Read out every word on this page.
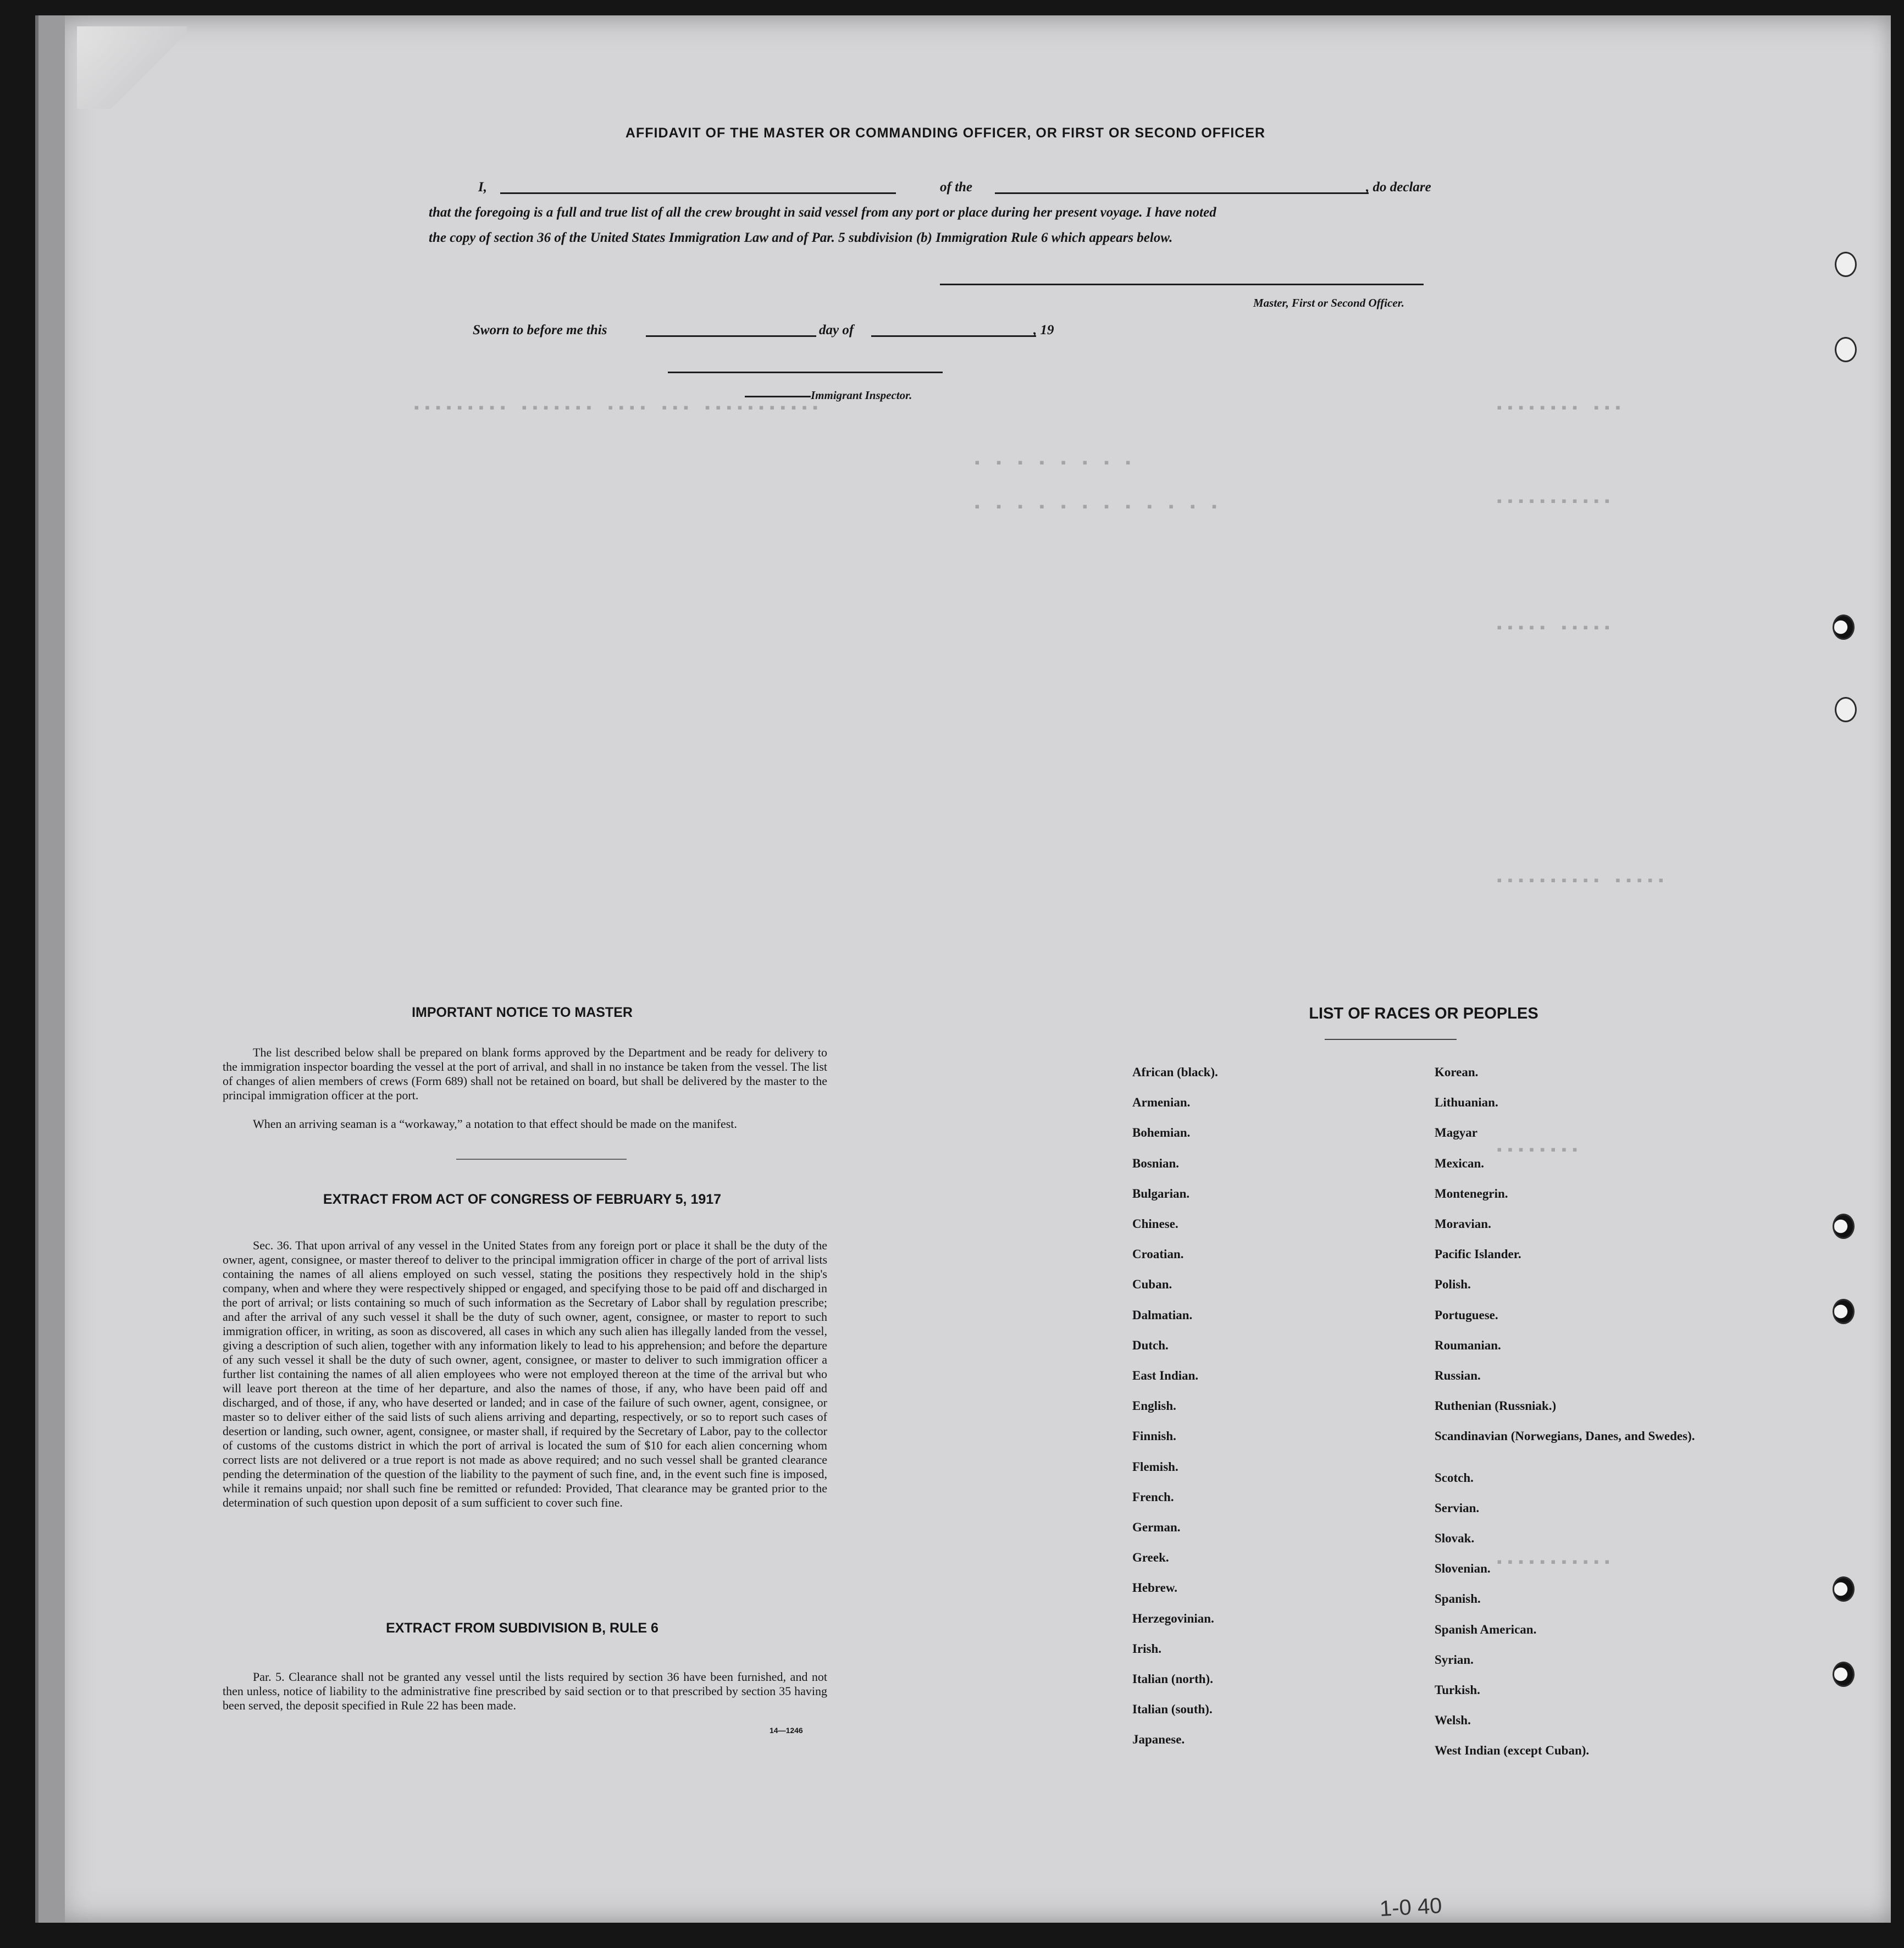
▪▪▪▪▪▪▪▪▪ ▪▪▪▪▪▪▪ ▪▪▪▪ ▪▪▪ ▪▪▪▪▪▪▪▪▪▪▪
▪ ▪ ▪ ▪ ▪ ▪ ▪ ▪
▪ ▪ ▪ ▪ ▪ ▪ ▪ ▪ ▪ ▪ ▪ ▪
▪▪▪▪▪▪▪▪ ▪▪▪
▪▪▪▪▪▪▪▪▪▪▪
▪▪▪▪▪ ▪▪▪▪▪
▪▪▪▪▪▪▪▪▪▪ ▪▪▪▪▪
▪▪▪▪▪▪▪▪
▪▪▪▪▪▪▪▪▪▪▪
AFFIDAVIT OF THE MASTER OR COMMANDING OFFICER, OR FIRST OR SECOND OFFICER
I,	of the	, do declare
that the foregoing is a full and true list of all the crew brought in said vessel from any port or place during her present voyage. I have noted
the copy of section 36 of the United States Immigration Law and of Par. 5 subdivision (b) Immigration Rule 6 which appears below.
Master, First or Second Officer.
Sworn to before me this	day of	, 19
Immigrant Inspector.
IMPORTANT NOTICE TO MASTER
The list described below shall be prepared on blank forms approved by the Department and be ready for delivery to the immigration inspector boarding the vessel at the port of arrival, and shall in no instance be taken from the vessel. The list of changes of alien members of crews (Form 689) shall not be retained on board, but shall be delivered by the master to the principal immigration officer at the port.
When an arriving seaman is a “workaway,” a notation to that effect should be made on the manifest.
EXTRACT FROM ACT OF CONGRESS OF FEBRUARY 5, 1917
Sec. 36. That upon arrival of any vessel in the United States from any foreign port or place it shall be the duty of the owner, agent, consignee, or master thereof to deliver to the principal immigration officer in charge of the port of arrival lists containing the names of all aliens employed on such vessel, stating the positions they respectively hold in the ship's company, when and where they were respectively shipped or engaged, and specifying those to be paid off and discharged in the port of arrival; or lists containing so much of such information as the Secretary of Labor shall by regulation prescribe; and after the arrival of any such vessel it shall be the duty of such owner, agent, consignee, or master to report to such immigration officer, in writing, as soon as discovered, all cases in which any such alien has illegally landed from the vessel, giving a description of such alien, together with any information likely to lead to his apprehension; and before the departure of any such vessel it shall be the duty of such owner, agent, consignee, or master to deliver to such immigration officer a further list containing the names of all alien employees who were not employed thereon at the time of the arrival but who will leave port thereon at the time of her departure, and also the names of those, if any, who have been paid off and discharged, and of those, if any, who have deserted or landed; and in case of the failure of such owner, agent, consignee, or master so to deliver either of the said lists of such aliens arriving and departing, respectively, or so to report such cases of desertion or landing, such owner, agent, consignee, or master shall, if required by the Secretary of Labor, pay to the collector of customs of the customs district in which the port of arrival is located the sum of $10 for each alien concerning whom correct lists are not delivered or a true report is not made as above required; and no such vessel shall be granted clearance pending the determination of the question of the liability to the payment of such fine, and, in the event such fine is imposed, while it remains unpaid; nor shall such fine be remitted or refunded: Provided, That clearance may be granted prior to the determination of such question upon deposit of a sum sufficient to cover such fine.
EXTRACT FROM SUBDIVISION B, RULE 6
Par. 5. Clearance shall not be granted any vessel until the lists required by section 36 have been furnished, and not then unless, notice of liability to the administrative fine prescribed by said section or to that prescribed by section 35 having been served, the deposit specified in Rule 22 has been made.
14—1246
LIST OF RACES OR PEOPLES
African (black).
Armenian.
Bohemian.
Bosnian.
Bulgarian.
Chinese.
Croatian.
Cuban.
Dalmatian.
Dutch.
East Indian.
English.
Finnish.
Flemish.
French.
German.
Greek.
Hebrew.
Herzegovinian.
Irish.
Italian (north).
Italian (south).
Japanese.
Korean.
Lithuanian.
Magyar
Mexican.
Montenegrin.
Moravian.
Pacific Islander.
Polish.
Portuguese.
Roumanian.
Russian.
Ruthenian (Russniak.)
Scandinavian (Norwegians, Danes, and Swedes).
Scotch.
Servian.
Slovak.
Slovenian.
Spanish.
Spanish American.
Syrian.
Turkish.
Welsh.
West Indian (except Cuban).
1-0 40
